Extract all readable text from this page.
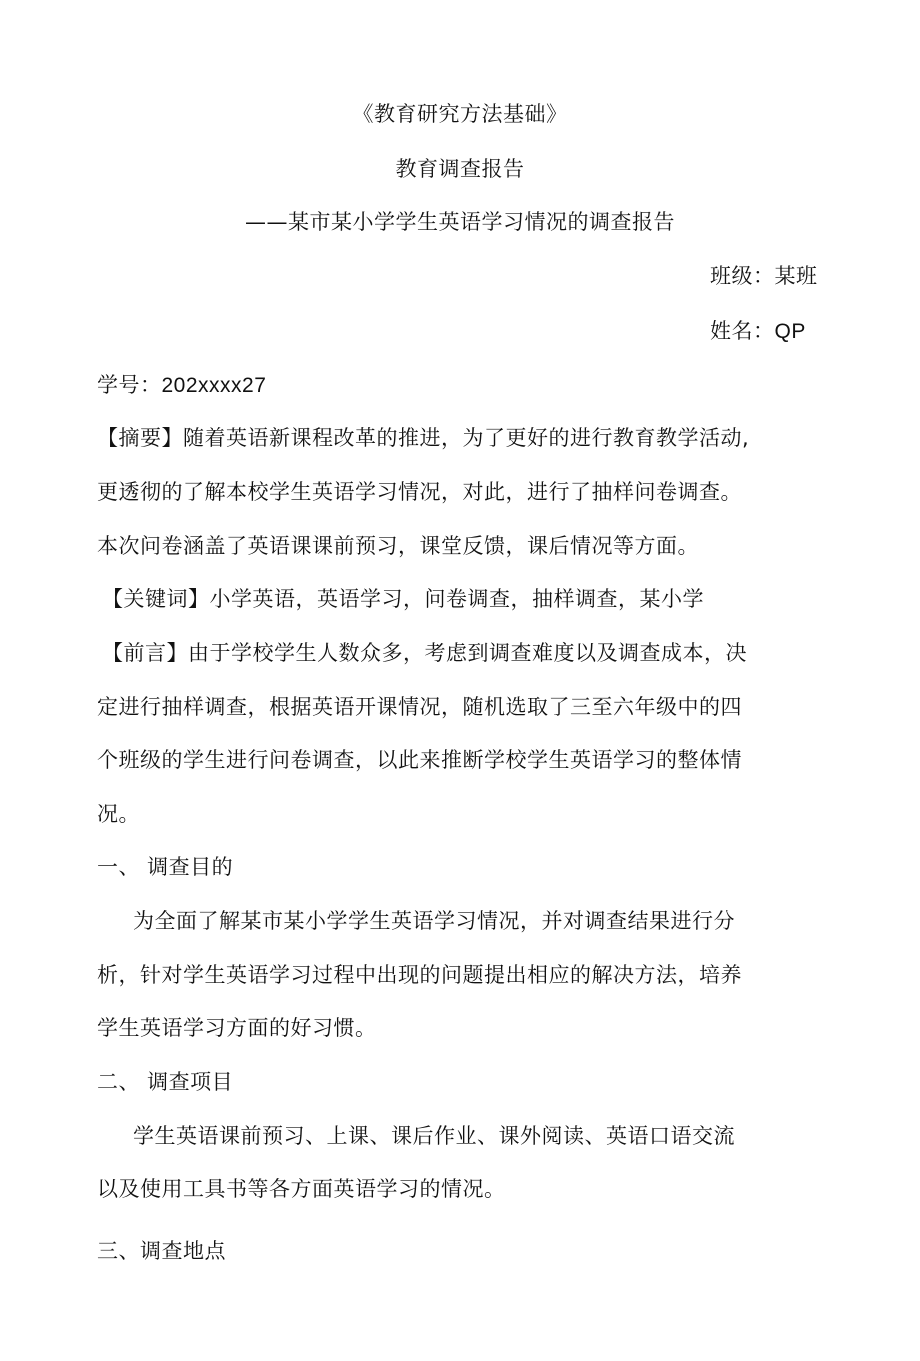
《教育研究方法基础》
教育调查报告
——某市某小学学生英语学习情况的调查报告
班级：某班
姓名：QP
学号：202xxxx27
【摘要】随着英语新课程改革的推进，为了更好的进行教育教学活动,
更透彻的了解本校学生英语学习情况，对此，进行了抽样问卷调查。
本次问卷涵盖了英语课课前预习，课堂反馈，课后情况等方面。
【关键词】小学英语，英语学习，问卷调查，抽样调查，某小学
【前言】由于学校学生人数众多，考虑到调查难度以及调查成本，决
定进行抽样调查，根据英语开课情况，随机选取了三至六年级中的四
个班级的学生进行问卷调查，以此来推断学校学生英语学习的整体情
况。
一、 调查目的
为全面了解某市某小学学生英语学习情况，并对调查结果进行分
析，针对学生英语学习过程中出现的问题提出相应的解决方法，培养
学生英语学习方面的好习惯。
二、 调查项目
学生英语课前预习、上课、课后作业、课外阅读、英语口语交流
以及使用工具书等各方面英语学习的情况。
三、调查地点
